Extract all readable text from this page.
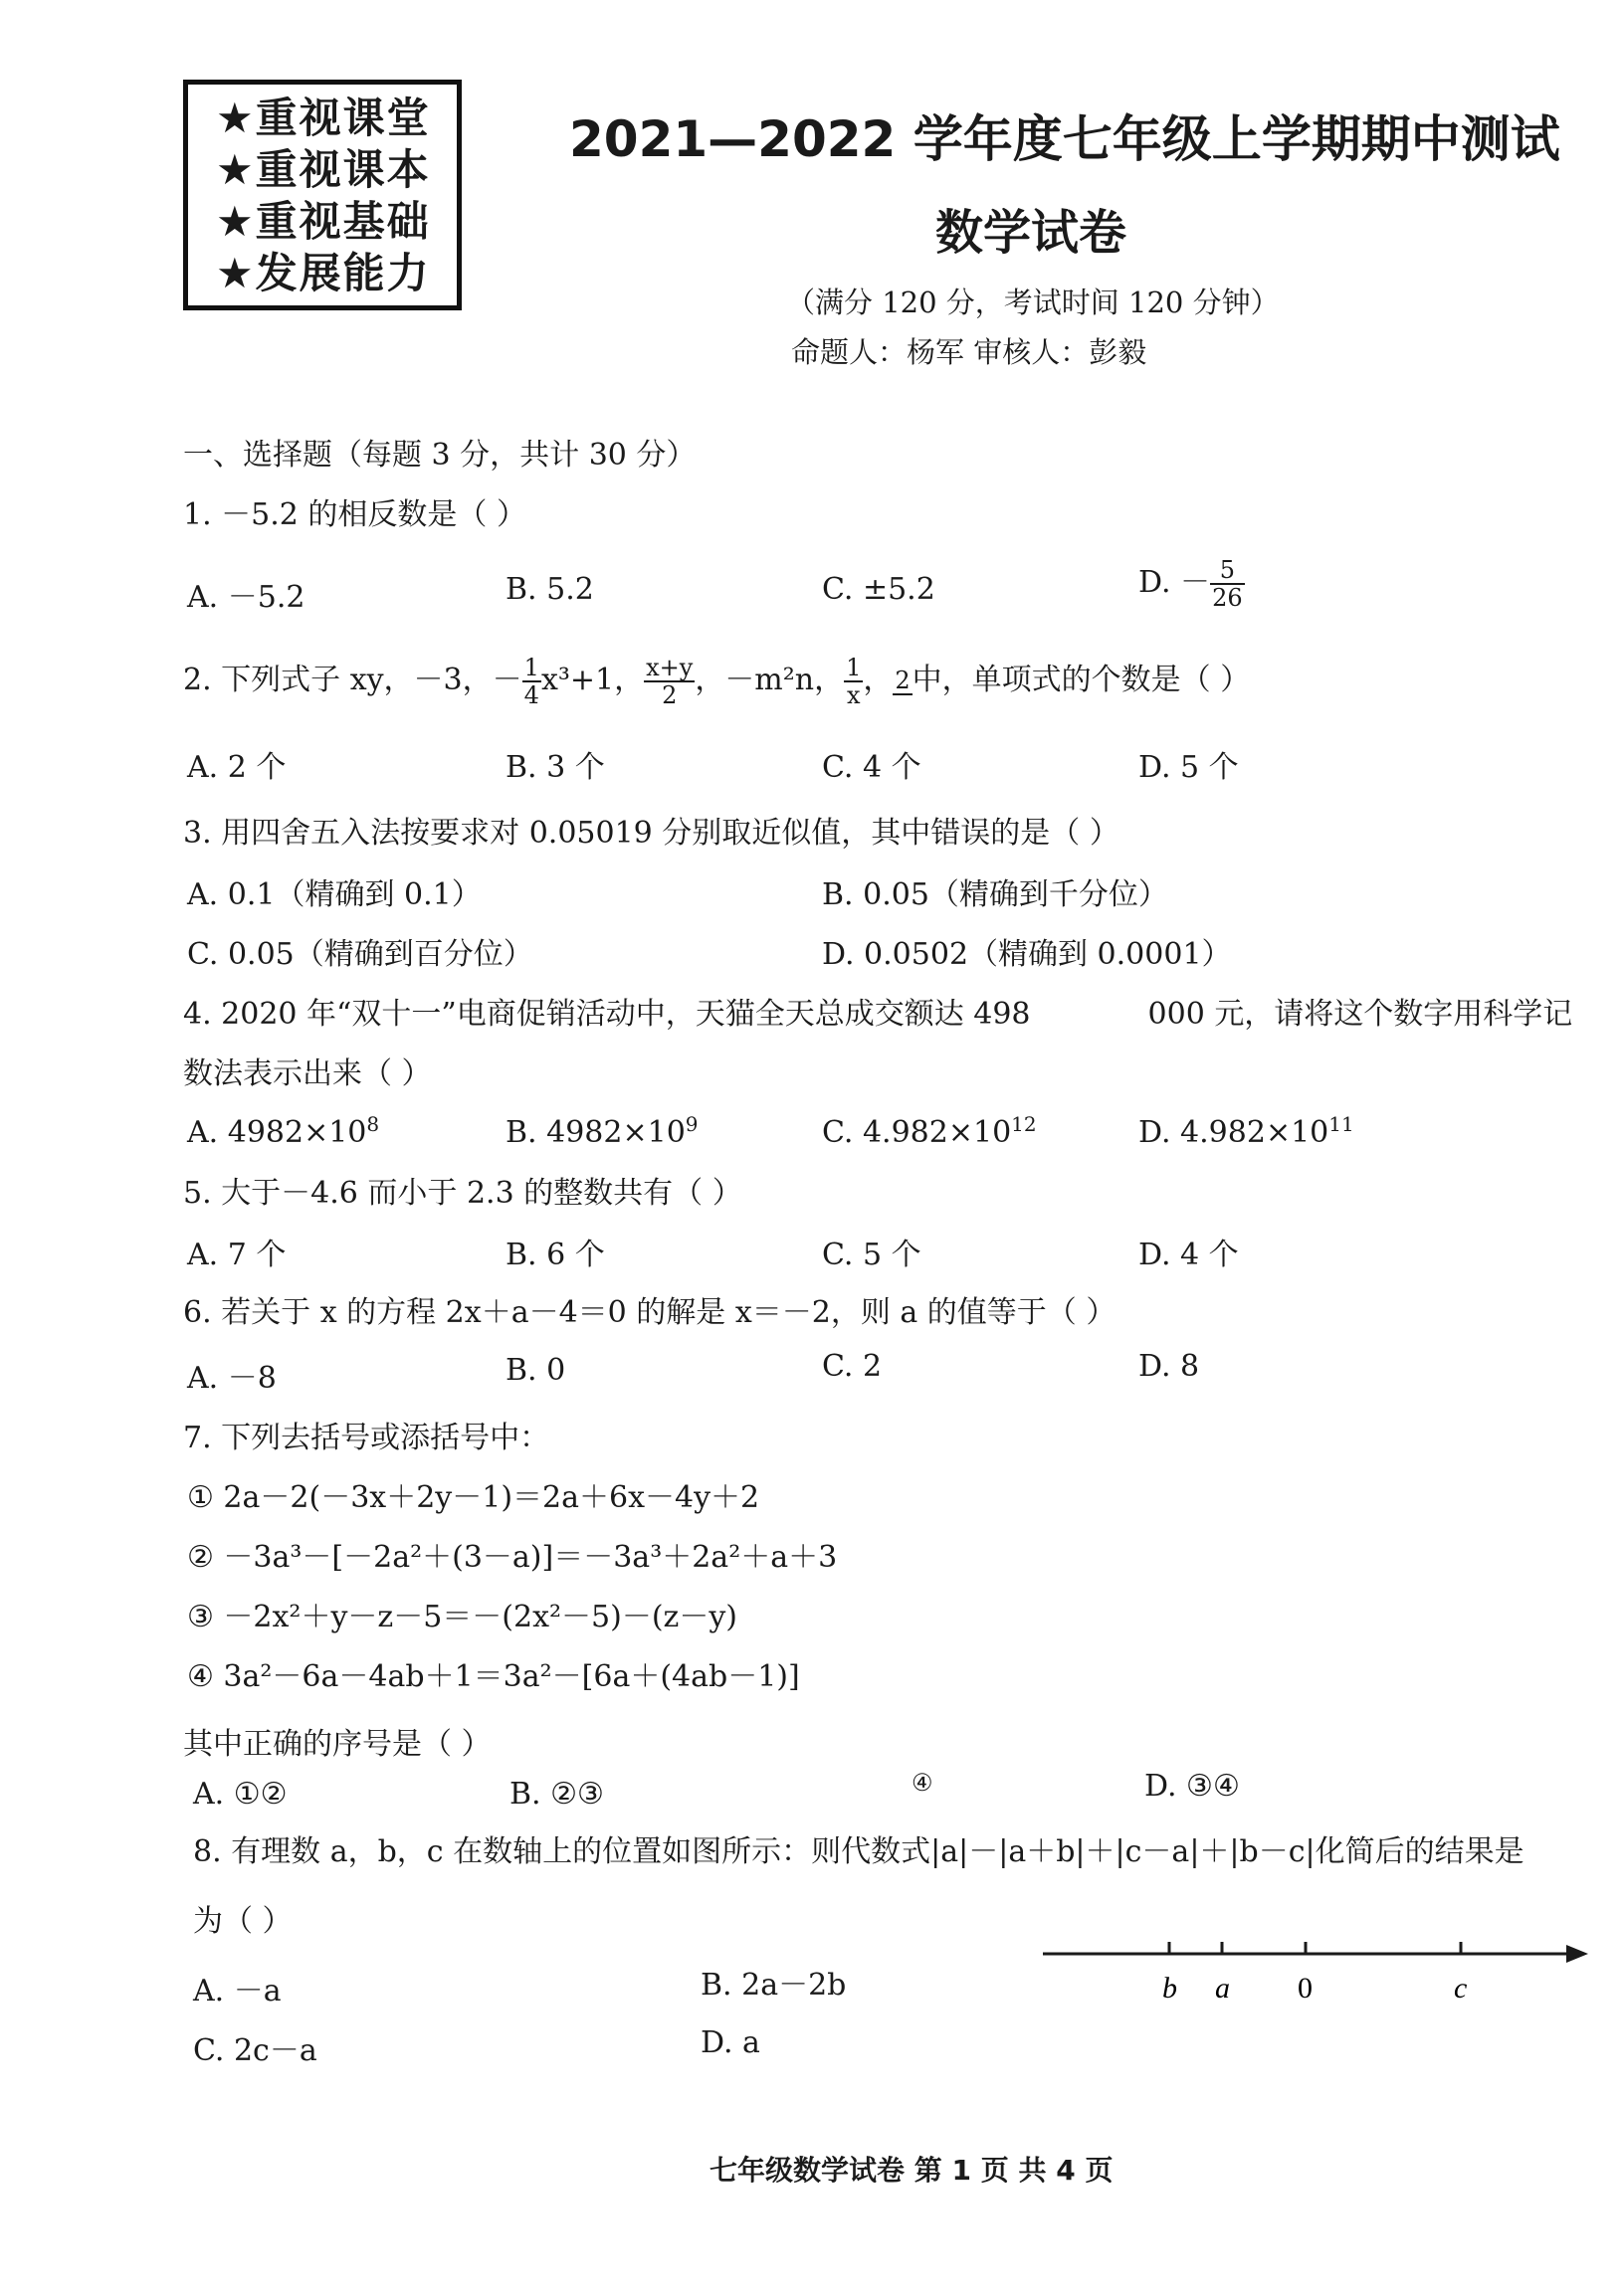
★重视课堂
★重视课本
★重视基础
★发展能力
2021—2022 学年度七年级上学期期中测试
数学试卷
（满分 120 分，考试时间 120 分钟）
命题人：杨军 审核人：彭毅
一、选择题（每题 3 分，共计 30 分）
1. －5.2 的相反数是（ ）
A. －5.2	B. 5.2	C. ±5.2	D. － $\frac{5}{26}$
2. 下列式子 xy，－3，－ $\frac{1}{4} x^3+1$， $\frac{x+y}{2}$ ，－m²n， $\frac{1}{x}$ ， 2 中，单项式的个数是（ ）
A. 2 个	B. 3 个	C. 4 个	D. 5 个
3. 用四舍五入法按要求对 0.05019 分别取近似值，其中错误的是（ ）
A. 0.1（精确到 0.1）	B. 0.05（精确到千分位）
C. 0.05（精确到百分位）	D. 0.0502（精确到 0.0001）
4. 2020 年“双十一”电商促销活动中，天猫全天总成交额达 498	000 元，请将这个数字用科学记
数法表示出来（ ）
A. $4982\times 10^8$	B. $4982\times 10^9$	C. $4.982\times 10^{12}$	D. $4.982\times 10^{11}$
5. 大于－4.6 而小于 2.3 的整数共有（ ）
A. 7 个	B. 6 个	C. 5 个	D. 4 个
6. 若关于 x 的方程 2x＋a－4＝0 的解是 x＝－2，则 a 的值等于（ ）
A. －8	B. 0	C. 2	D. 8
7. 下列去括号或添括号中：
① 2a－2(－3x＋2y－1)＝2a＋6x－4y＋2
② －3a³－[－2a²＋(3－a)]＝－3a³＋2a²＋a＋3
③ －2x²＋y－z－5＝－(2x²－5)－(z－y)
④ 3a²－6a－4ab＋1＝3a²－[6a＋(4ab－1)]
其中正确的序号是（ ）
A. ①②	B. ②③	④	D. ③④
8. 有理数 a，b，c 在数轴上的位置如图所示：则代数式|a|－|a＋b|＋|c－a|＋|b－c|化简后的结果是
为（ ）
A. －a	B. 2a－2b
C. 2c－a	D. a
b a 0	c
七年级数学试卷 第 1 页 共 4 页
